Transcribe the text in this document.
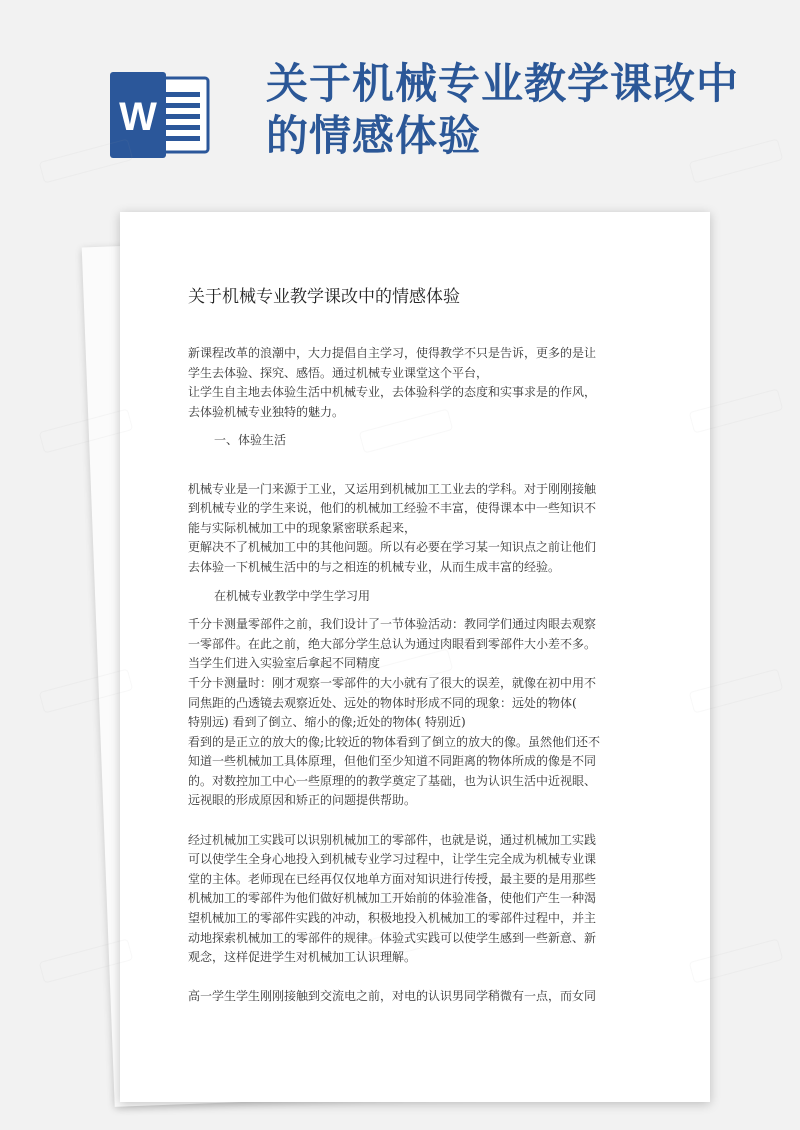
W
关于机械专业教学课改中的情感体验
关于机械专业教学课改中的情感体验
新课程改革的浪潮中，大力提倡自主学习，使得教学不只是告诉，更多的是让
学生去体验、探究、感悟。通过机械专业课堂这个平台，
让学生自主地去体验生活中机械专业，去体验科学的态度和实事求是的作风，
去体验机械专业独特的魅力。
一、体验生活
机械专业是一门来源于工业，又运用到机械加工工业去的学科。对于刚刚接触
到机械专业的学生来说，他们的机械加工经验不丰富，使得课本中一些知识不
能与实际机械加工中的现象紧密联系起来，
更解决不了机械加工中的其他问题。所以有必要在学习某一知识点之前让他们
去体验一下机械生活中的与之相连的机械专业，从而生成丰富的经验。
在机械专业教学中学生学习用
千分卡测量零部件之前，我们设计了一节体验活动：教同学们通过肉眼去观察
一零部件。在此之前，绝大部分学生总认为通过肉眼看到零部件大小差不多。
当学生们进入实验室后拿起不同精度
千分卡测量时：刚才观察一零部件的大小就有了很大的误差，就像在初中用不
同焦距的凸透镜去观察近处、远处的物体时形成不同的现象：远处的物体(
特别远) 看到了倒立、缩小的像;近处的物体( 特别近)
看到的是正立的放大的像;比较近的物体看到了倒立的放大的像。虽然他们还不
知道一些机械加工具体原理，但他们至少知道不同距离的物体所成的像是不同
的。对数控加工中心一些原理的的教学奠定了基础，也为认识生活中近视眼、
远视眼的形成原因和矫正的问题提供帮助。
经过机械加工实践可以识别机械加工的零部件，也就是说，通过机械加工实践
可以使学生全身心地投入到机械专业学习过程中，让学生完全成为机械专业课
堂的主体。老师现在已经再仅仅地单方面对知识进行传授，最主要的是用那些
机械加工的零部件为他们做好机械加工开始前的体验准备，使他们产生一种渴
望机械加工的零部件实践的冲动，积极地投入机械加工的零部件过程中，并主
动地探索机械加工的零部件的规律。体验式实践可以使学生感到一些新意、新
观念，这样促进学生对机械加工认识理解。
高一学生学生刚刚接触到交流电之前，对电的认识男同学稍微有一点，而女同
